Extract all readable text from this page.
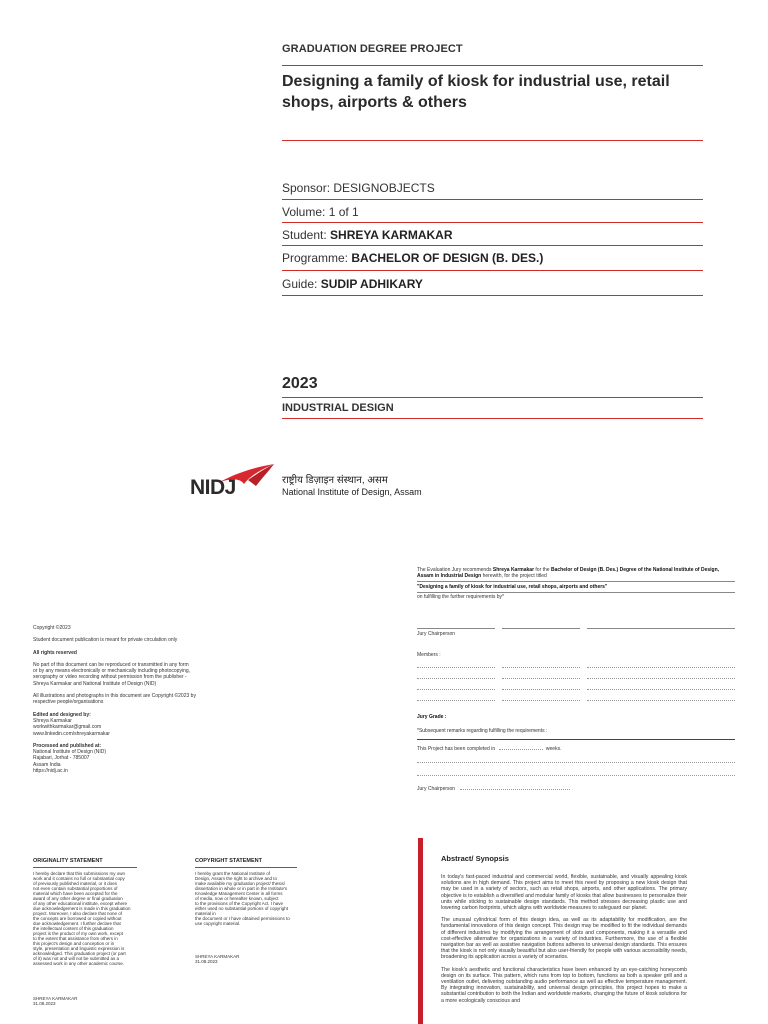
GRADUATION DEGREE PROJECT
Designing a family of kiosk for industrial use, retail
shops, airports & others
Sponsor: DESIGNOBJECTS
Volume: 1 of 1
Student: SHREYA KARMAKAR
Programme: BACHELOR OF DESIGN (B. DES.)
Guide: SUDIP ADHIKARY
2023
INDUSTRIAL DESIGN
NIDJ	राष्ट्रीय डिज़ाइन संस्थान, असम
National Institute of Design, Assam
Copyright ©2023
Student document publication is meant for private circulation only
All rights reserved
No part of this document can be reproduced or transmitted in any form
or by any means electronically or mechanically including photocopying,
xerography or video recording without permission from the publisher -
Shreya Karmakar and National Institute of Design (NID)
All illustrations and photographs in this document are Copyright ©2023 by
respective people/organisations
Edited and designed by:
Shreya Karmakar
workwithkarmakar@gmail.com
www.linkedin.com/shreyakarmakar
Processed and published at:
National Institute of Design (NID)
Rajabari, Jorhat - 785007
Assam India
https://nidj.ac.in
The Evaluation Jury recommends Shreya Karmakar for the Bachelor of Design (B. Des.) Degree of the National Institute of Design,
Assam in Industrial Design herewith, for the project titled
"Designing a family of kiosk for industrial use, retail shops, airports and others"
on fulfilling the further requirements by*
Jury Chairperson
Members :
Jury Grade :
*Subsequent remarks regarding fulfilling the requirements :
This Project has been completed in	weeks.
Jury Chairperson
ORIGINALITY STATEMENT
I hereby declare that this submissions my own
work and it contains no full or substantial copy
of previously published material, or it does
not even contain substantial proportions of
material which have been accepted for the
award of any other degree or final graduation
of any other educational institute, except where
due acknowledgement is made in this graduation
project. Moreover, I also declare that none of
the concepts are borrowed or copied without
due acknowledgement. I further declare that
the intellectual content of this graduation
project is the product of my own work, except
to the extent that assistance from others in
this project's design and conception or in
style, presentation and linguistic expression is
acknowledged. This graduation project (or part
of it) was not and will not be submitted as a
assessed work in any other academic course.
SHREYA KARMAKAR
31.08.2023
COPYRIGHT STATEMENT
I hereby grant the National Institute of
Design, Assam the right to archive and to
make available my graduation project/ thesis/
dissertation in whole or in part in the Institute's
Knowledge Management Center in all forms
of media, now or hereafter known, subject
to the provisions of the Copyright Act. I have
either used no substantial portions of copyright
material in
the document or I have obtained permissions to
use copyright material.
SHREYA KARMAKAR
31.08.2023
Abstract/ Synopsis

In today's fast-paced industrial and commercial world, flexible, sustainable, and visually appealing kiosk solutions are in high demand. This project aims to meet this need by proposing a new kiosk design that may be used in a variety of sectors, such as retail shops, airports, and other applications. The primary objective is to establish a diversified and modular family of kiosks that allow businesses to personalize their units while sticking to sustainable design standards. This method stresses decreasing plastic use and lowering carbon footprints, which aligns with worldwide measures to safeguard our planet.

The unusual cylindrical form of this design idea, as well as its adaptability for modification, are the fundamental innovations of this design concept. This design may be modified to fit the individual demands of different industries by modifying the arrangement of slots and components, making it a versatile and cost-effective alternative for organizations in a variety of industries. Furthermore, the use of a flexible navigation bar as well as assistive navigation buttons adheres to universal design standards. This ensures that the kiosk is not only visually beautiful but also user-friendly for people with various accessibility needs, broadening its application across a variety of scenarios.

The kiosk's aesthetic and functional characteristics have been enhanced by an eye-catching honeycomb design on its surface. This pattern, which runs from top to bottom, functions as both a speaker grill and a ventilation outlet, delivering outstanding audio performance as well as effective temperature management. By integrating innovation, sustainability, and universal design principles, this project hopes to make a substantial contribution to both the Indian and worldwide markets, changing the future of kiosk solutions for a more ecologically conscious and
